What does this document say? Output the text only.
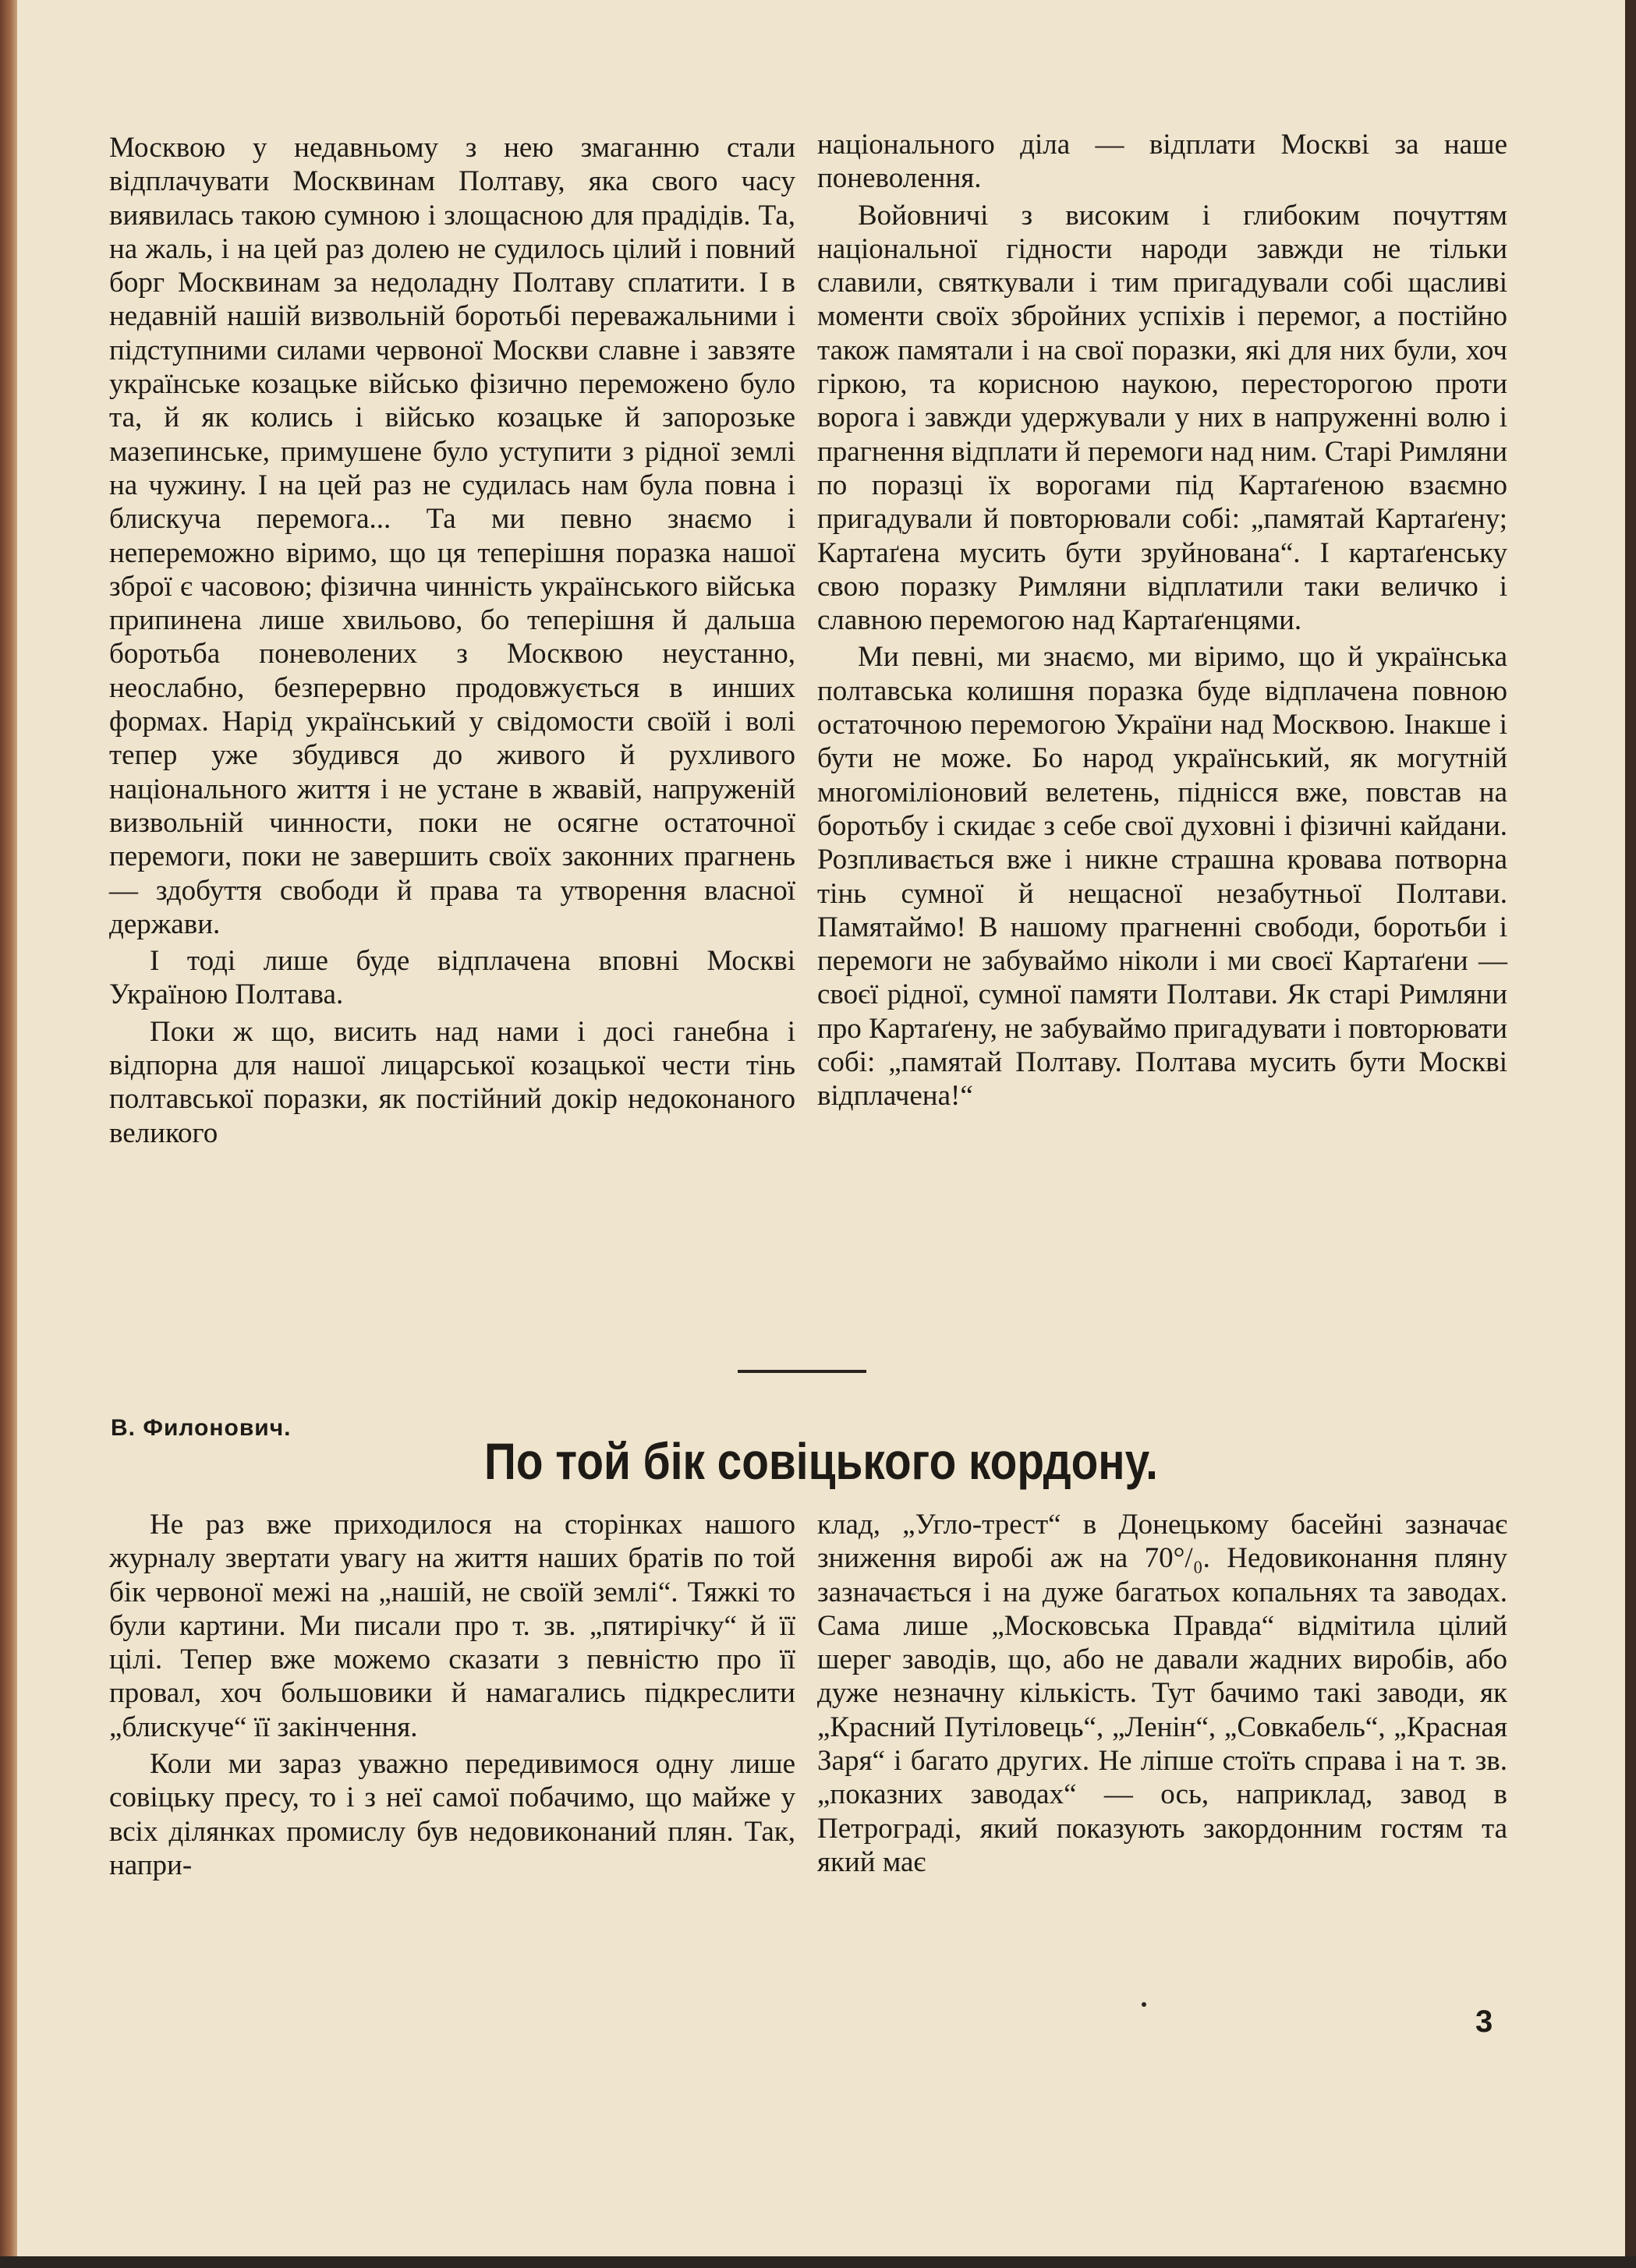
Москвою у недавньому з нею змаганню стали відплачувати Москвинам Полтаву, яка свого часу виявилась такою сумною і злощасною для прадідів. Та, на жаль, і на цей раз долею не судилось цілий і повний борг Москвинам за недоладну Полтаву сплатити. І в недавній нашій визвольній боротьбі переважальними і підступними силами червоної Москви славне і завзяте українське козацьке військо фізично переможено було та, й як колись і військо козацьке й запорозьке мазепинське, примушене було уступити з рідної землі на чужину. І на цей раз не судилась нам була повна і блискуча перемога... Та ми певно знаємо і непереможно віримо, що ця теперішня поразка нашої зброї є часовою; фізична чинність українського війська припинена лише хвильово, бо теперішня й дальша боротьба поневолених з Москвою неустанно, неослабно, безперервно продовжується в инших формах. Нарід український у свідомости своїй і волі тепер уже збудився до живого й рухливого національного життя і не устане в жвавій, напруженій визвольній чинности, поки не осягне остаточної перемоги, поки не завершить своїх законних прагнень — здобуття свободи й права та утворення власної держави.

І тоді лише буде відплачена вповні Москві Україною Полтава.

Поки ж що, висить над нами і досі ганебна і відпорна для нашої лицарської козацької чести тінь полтавської поразки, як постійний докір недоконаного великого

національного діла — відплати Москві за наше поневолення.

Войовничі з високим і глибоким почуттям національної гідности народи завжди не тільки славили, святкували і тим пригадували собі щасливі моменти своїх збройних успіхів і перемог, а постійно також памятали і на свої поразки, які для них були, хоч гіркою, та корисною наукою, пересторогою проти ворога і завжди удержували у них в напруженні волю і прагнення відплати й перемоги над ним. Старі Римляни по поразці їх ворогами під Картаґеною взаємно пригадували й повторювали собі: „памятай Картаґену; Картаґена мусить бути зруйнована“. І картаґенську свою поразку Римляни відплатили таки величко і славною перемогою над Картаґенцями.

Ми певні, ми знаємо, ми віримо, що й українська полтавська колишня поразка буде відплачена повною остаточною перемогою України над Москвою. Інакше і бути не може. Бо народ український, як могутній многоміліоновий велетень, піднісся вже, повстав на боротьбу і скидає з себе свої духовні і фізичні кайдани. Розпливається вже і никне страшна кровава потворна тінь сумної й нещасної незабутньої Полтави. Памятаймо! В нашому прагненні свободи, боротьби і перемоги не забуваймо ніколи і ми своєї Картаґени — своєї рідної, сумної памяти Полтави. Як старі Римляни про Картаґену, не забуваймо пригадувати і повторювати собі: „памятай Полтаву. Полтава мусить бути Москві відплачена!“

В. Филонович.
По той бік совіцького кордону.

Не раз вже приходилося на сторінках нашого журналу звертати увагу на життя наших братів по той бік червоної межі на „нашій, не своїй землі“. Тяжкі то були картини. Ми писали про т. зв. „пятирічку“ й її цілі. Тепер вже можемо сказати з певністю про її провал, хоч большовики й намагались підкреслити „блискуче“ її закінчення.

Коли ми зараз уважно передивимося одну лише совіцьку пресу, то і з неї самої побачимо, що майже у всіх ділянках промислу був недовиконаний плян. Так, напри-

клад, „Угло-трест“ в Донецькому басейні зазначає зниження виробі аж на 70°/₀. Недовиконання пляну зазначається і на дуже багатьох копальнях та заводах. Сама лише „Московська Правда“ відмітила цілий шерег заводів, що, або не давали жадних виробів, або дуже незначну кількість. Тут бачимо такі заводи, як „Красний Путіловець“, „Ленін“, „Совкабель“, „Красная Заря“ і багато других. Не ліпше стоїть справа і на т. зв. „показних заводах“ — ось, наприклад, завод в Петрограді, який показують закордонним гостям та який має

3
